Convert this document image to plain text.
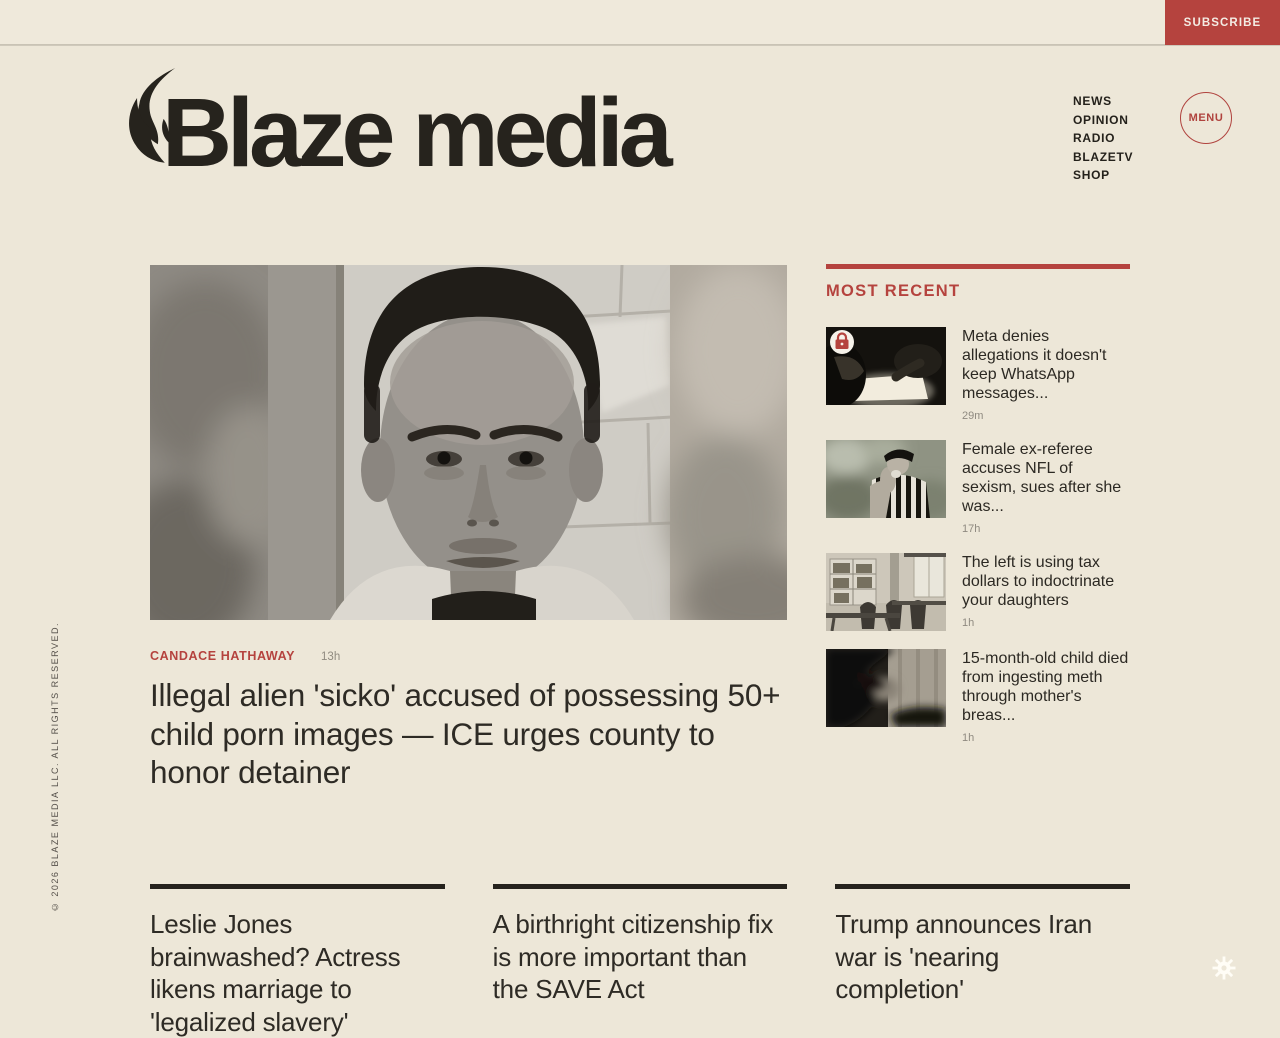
SUBSCRIBE
Blaze media	NEWS
OPINION
RADIO
BLAZETV
SHOP
MENU
CANDACE HATHAWAY 13h
Illegal alien 'sicko' accused of possessing 50+ child porn images — ICE urges county to honor detainer
MOST RECENT
Meta denies allegations it doesn't keep WhatsApp messages...
29m
Female ex-referee accuses NFL of sexism, sues after she was...
17h
The left is using tax dollars to indoctrinate your daughters
1h
15-month-old child died from ingesting meth through mother's breas...
1h
Leslie Jones brainwashed? Actress likens marriage to 'legalized slavery'
A birthright citizenship fix is more important than the SAVE Act
Trump announces Iran war is 'nearing completion'
© 2026 BLAZE MEDIA LLC. ALL RIGHTS RESERVED.
